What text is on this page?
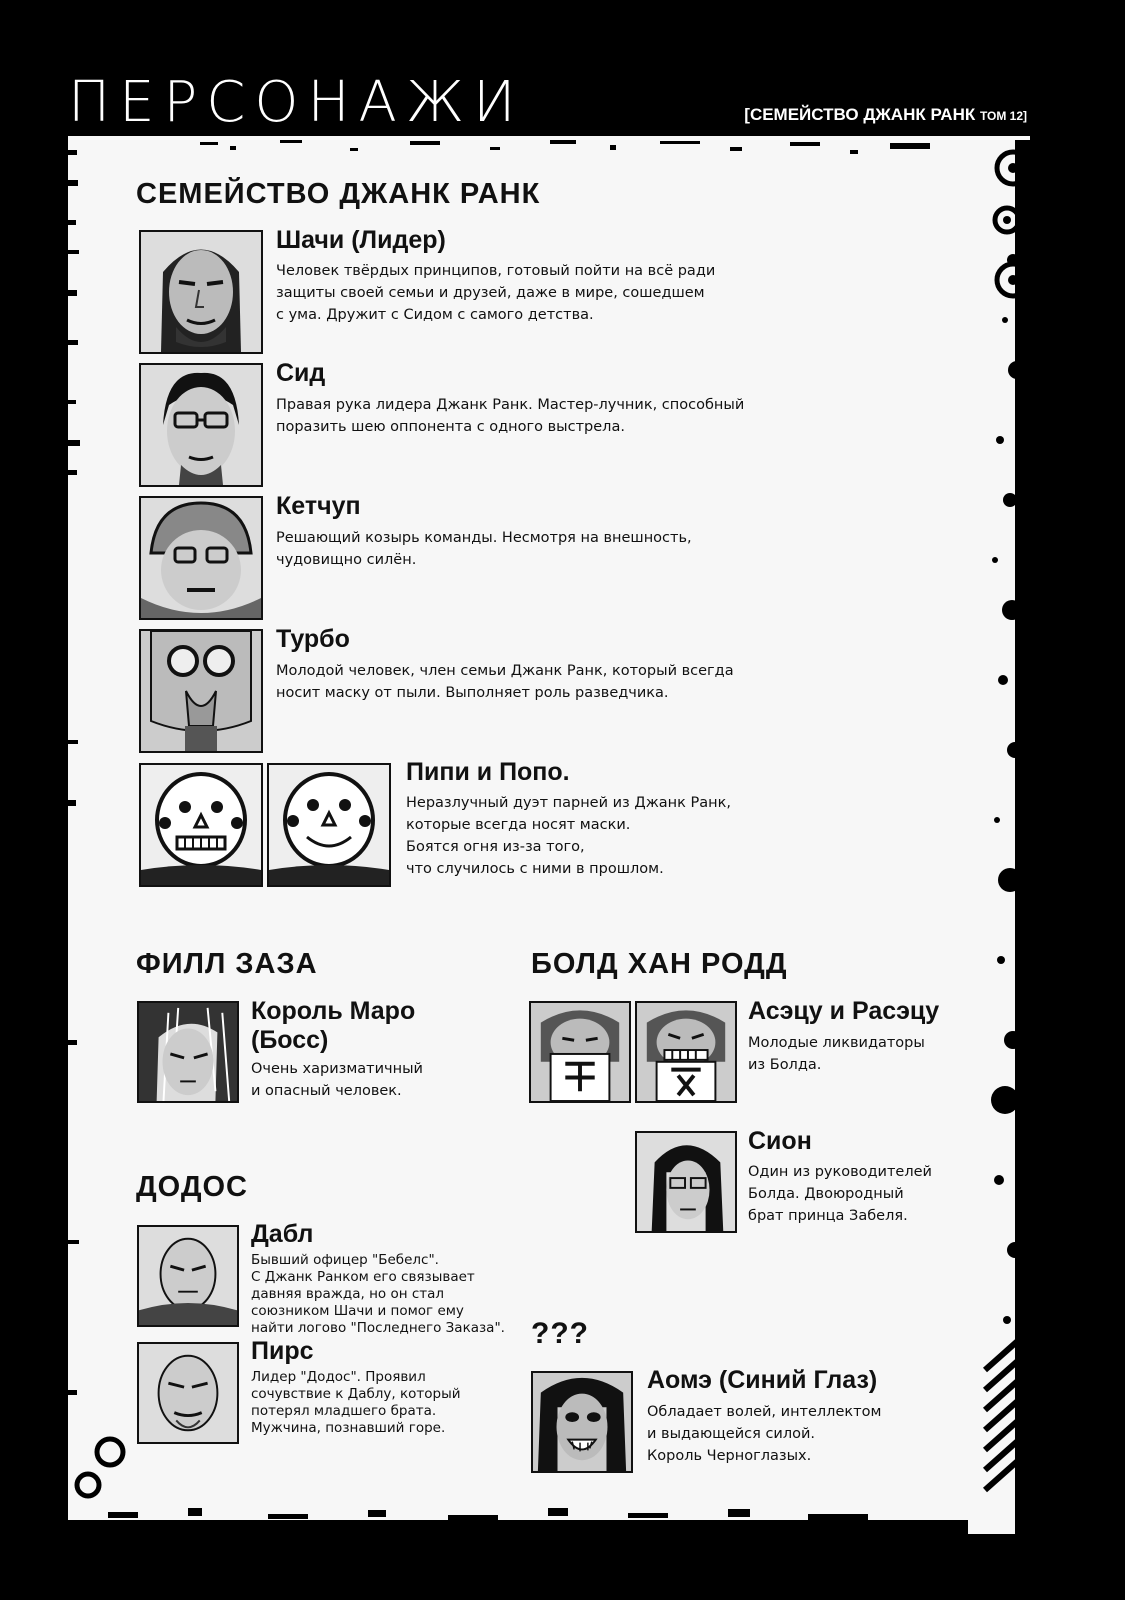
ПЕРСОНАЖИ	[СЕМЕЙСТВО ДЖАНК РАНК ТОМ 12]
СЕМЕЙСТВО ДЖАНК РАНК
Шачи (Лидер)

Человек твёрдых принципов, готовый пойти на всё ради
защиты своей семьи и друзей, даже в мире, сошедшем
с ума. Дружит с Сидом с самого детства.

Сид

Правая рука лидера Джанк Ранк. Мастер-лучник, способный
поразить шею оппонента с одного выстрела.

Кетчуп

Решающий козырь команды. Несмотря на внешность,
чудовищно силён.

Турбо

Молодой человек, член семьи Джанк Ранк, который всегда
носит маску от пыли. Выполняет роль разведчика.

Пипи и Попо.

Неразлучный дуэт парней из Джанк Ранк,
которые всегда носят маски.
Боятся огня из-за того,
что случилось с ними в прошлом.

ФИЛЛ ЗАЗА
Король Маро
(Босс)

Очень харизматичный
и опасный человек.

БОЛД ХАН РОДД
Асэцу и Расэцу

Молодые ликвидаторы
из Болда.

Сион

Один из руководителей
Болда. Двоюродный
брат принца Забеля.

ДОДОС
Дабл

Бывший офицер "Бебелс".
С Джанк Ранком его связывает
давняя вражда, но он стал
союзником Шачи и помог ему
найти логово "Последнего Заказа".

Пирс

Лидер "Додос". Проявил
сочувствие к Даблу, который
потерял младшего брата.
Мужчина, познавший горе.

???
Аомэ (Синий Глаз)

Обладает волей, интеллектом
и выдающейся силой.
Король Черноглазых.
